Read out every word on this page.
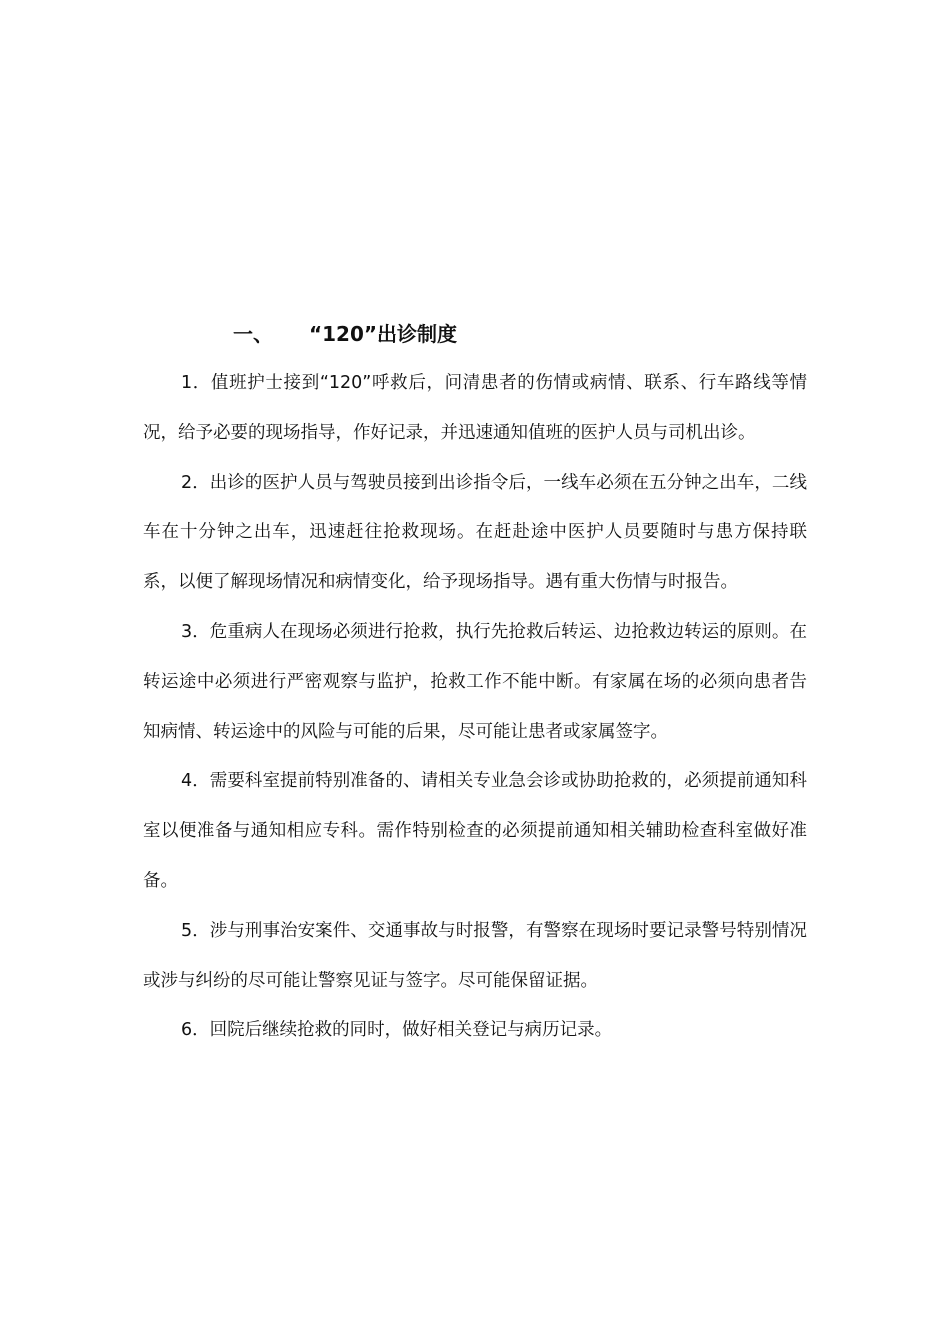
一、 “120”出诊制度

1．值班护士接到“120”呼救后，问清患者的伤情或病情、联系、行车路线等情况，给予必要的现场指导，作好记录，并迅速通知值班的医护人员与司机出诊。

2．出诊的医护人员与驾驶员接到出诊指令后，一线车必须在五分钟之出车，二线车在十分钟之出车，迅速赶往抢救现场。在赶赴途中医护人员要随时与患方保持联系，以便了解现场情况和病情变化，给予现场指导。遇有重大伤情与时报告。

3．危重病人在现场必须进行抢救，执行先抢救后转运、边抢救边转运的原则。在转运途中必须进行严密观察与监护，抢救工作不能中断。有家属在场的必须向患者告知病情、转运途中的风险与可能的后果，尽可能让患者或家属签字。

4．需要科室提前特别准备的、请相关专业急会诊或协助抢救的，必须提前通知科室以便准备与通知相应专科。需作特别检查的必须提前通知相关辅助检查科室做好准备。

5．涉与刑事治安案件、交通事故与时报警，有警察在现场时要记录警号特别情况或涉与纠纷的尽可能让警察见证与签字。尽可能保留证据。

6．回院后继续抢救的同时，做好相关登记与病历记录。
